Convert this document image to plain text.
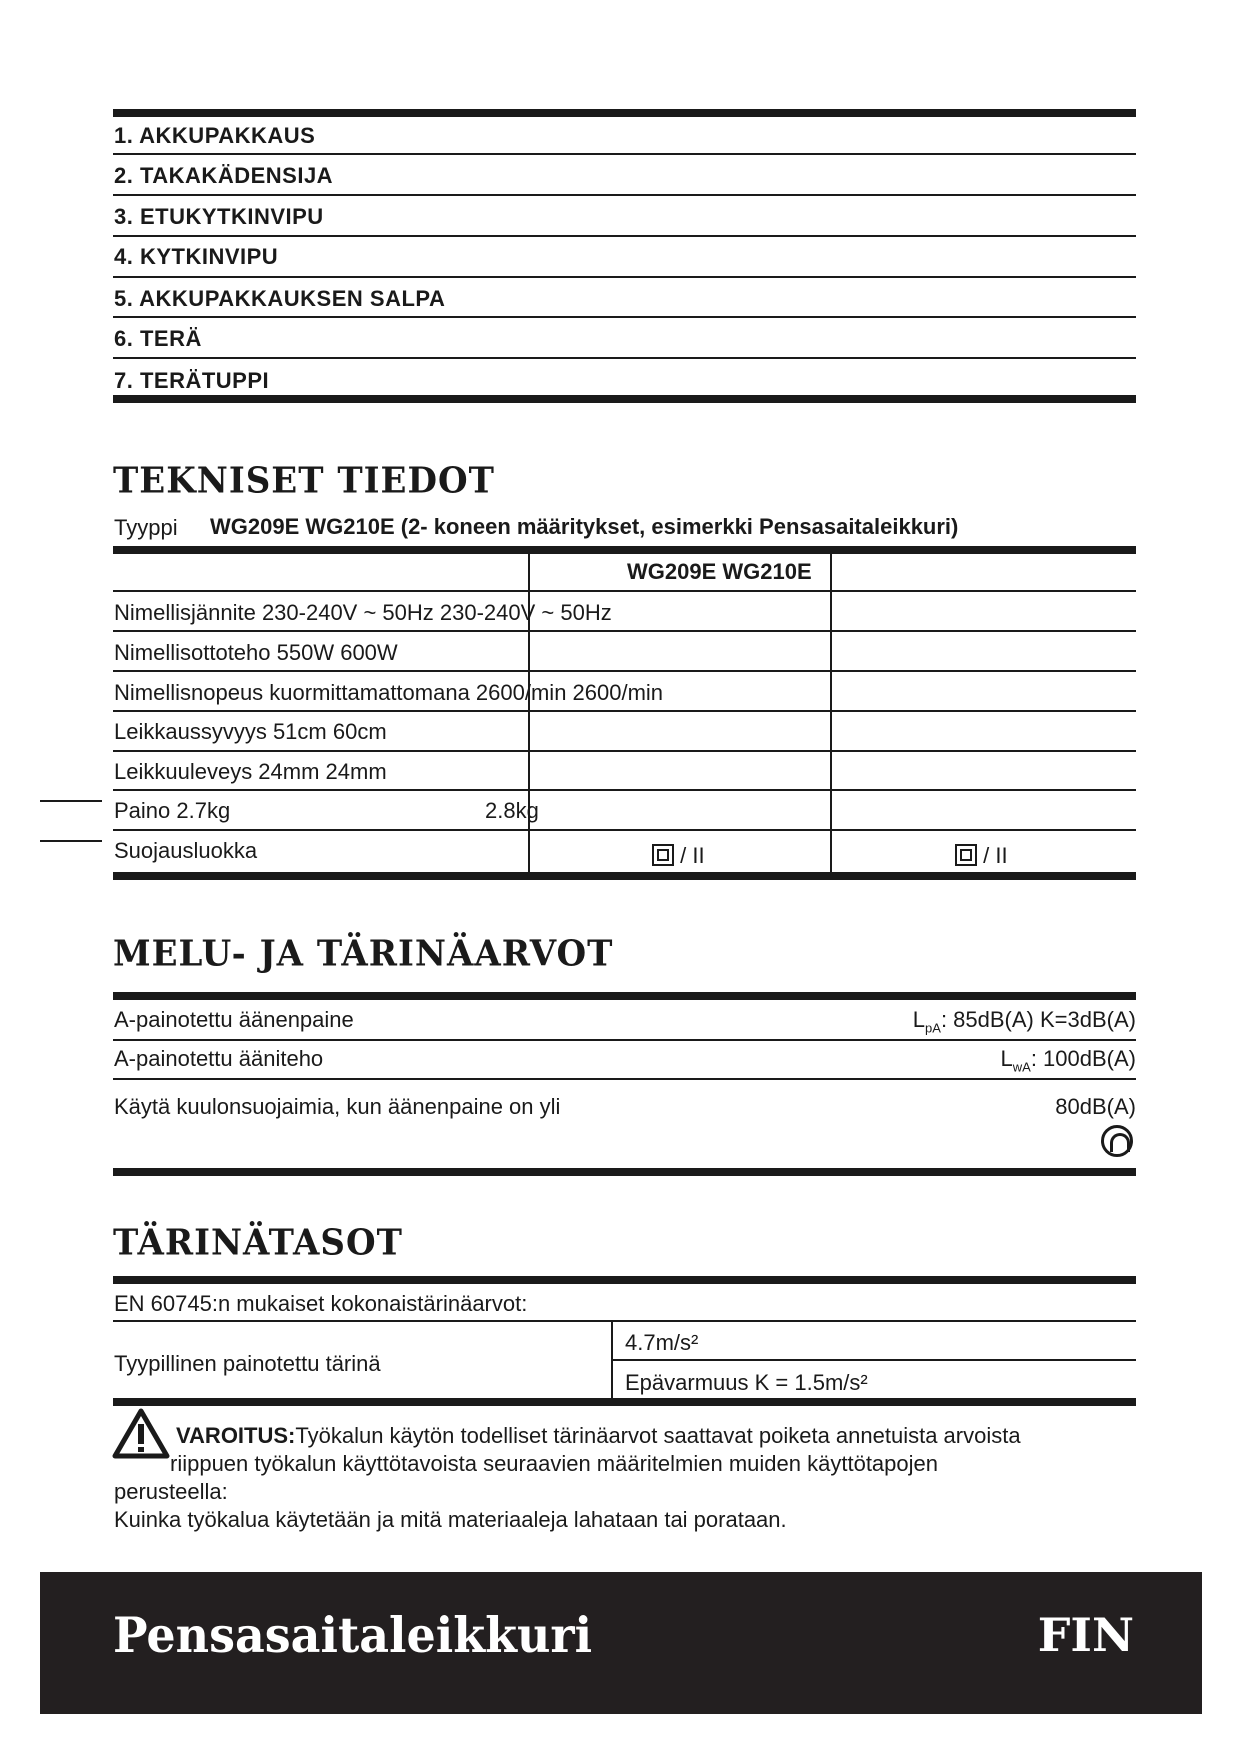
1. AKKUPAKKAUS
2. TAKAKÄDENSIJA
3. ETUKYTKINVIPU
4. KYTKINVIPU
5. AKKUPAKKAUKSEN SALPA
6. TERÄ
7. TERÄTUPPI
TEKNISET TIEDOT
Tyyppi WG209E WG210E (2- koneen määritykset, esimerkki Pensasaitaleikkuri)
WG209E WG210E
Nimellisjännite 230-240V ~ 50Hz 230-240V ~ 50Hz
Nimellisottoteho 550W 600W
Nimellisnopeus kuormittamattomana 2600/min 2600/min
Leikkaussyvyys 51cm 60cm
Leikkuuleveys 24mm 24mm
Paino 2.7kg	2.8kg
Suojausluokka	/ II	/ II
MELU- JA TÄRINÄARVOT
A-painotettu äänenpaine	$L_{pA}$: 85dB(A) K=3dB(A)
A-painotettu ääniteho	$L_{wA}$: 100dB(A)
Käytä kuulonsuojaimia, kun äänenpaine on yli	80dB(A)
TÄRINÄTASOT
EN 60745:n mukaiset kokonaistärinäarvot:
Tyypillinen painotettu tärinä
4.7m/s²
Epävarmuus K = 1.5m/s²
VAROITUS:Työkalun käytön todelliset tärinäarvot saattavat poiketa annetuista arvoista
riippuen työkalun käyttötavoista seuraavien määritelmien muiden käyttötapojen
perusteella:
Kuinka työkalua käytetään ja mitä materiaaleja lahataan tai porataan.
Pensasaitaleikkuri	FIN
